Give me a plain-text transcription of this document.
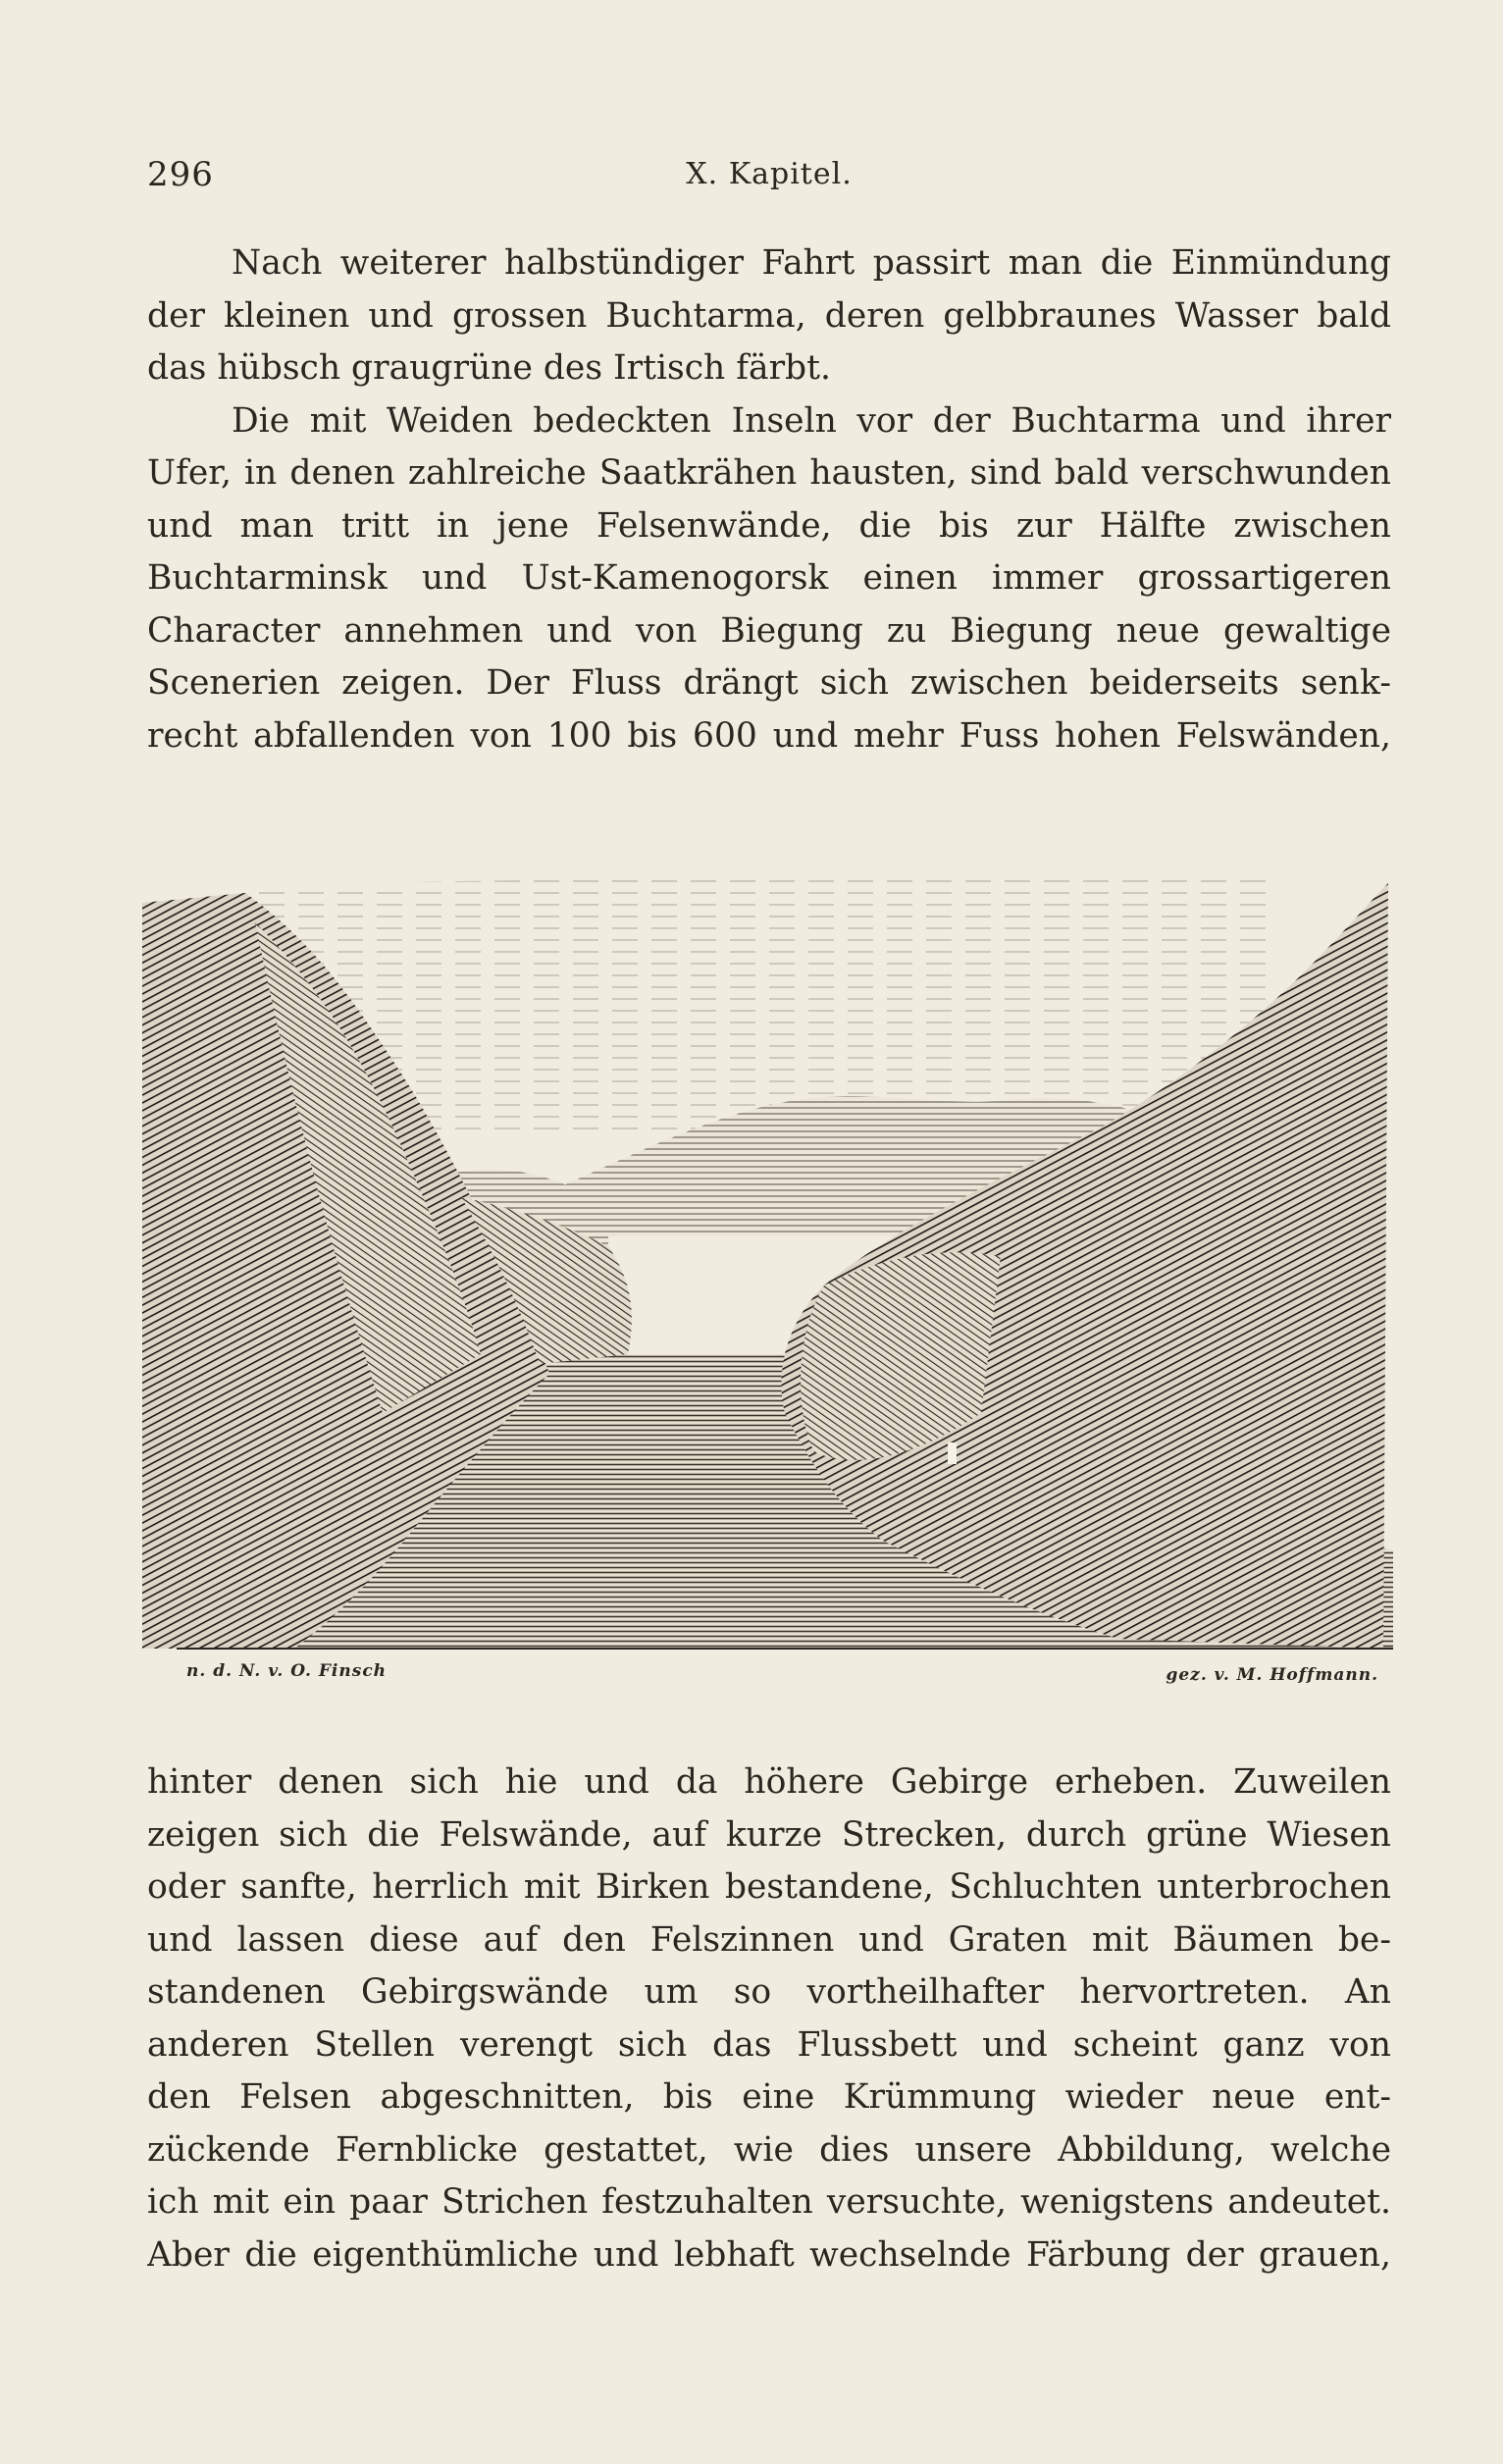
296	X. Kapitel.
Nach weiterer halbstündiger Fahrt passirt man die Einmündung
der kleinen und grossen Buchtarma, deren gelbbraunes Wasser bald
das hübsch graugrüne des Irtisch färbt.
Die mit Weiden bedeckten Inseln vor der Buchtarma und ihrer
Ufer, in denen zahlreiche Saatkrähen hausten, sind bald verschwunden
und man tritt in jene Felsenwände, die bis zur Hälfte zwischen
Buchtarminsk und Ust-Kamenogorsk einen immer grossartigeren
Character annehmen und von Biegung zu Biegung neue gewaltige
Scenerien zeigen. Der Fluss drängt sich zwischen beiderseits senk-
recht abfallenden von 100 bis 600 und mehr Fuss hohen Felswänden,
n. d. N. v. O. Finsch	gez. v. M. Hoffmann.
hinter denen sich hie und da höhere Gebirge erheben. Zuweilen
zeigen sich die Felswände, auf kurze Strecken, durch grüne Wiesen
oder sanfte, herrlich mit Birken bestandene, Schluchten unterbrochen
und lassen diese auf den Felszinnen und Graten mit Bäumen be-
standenen Gebirgswände um so vortheilhafter hervortreten. An
anderen Stellen verengt sich das Flussbett und scheint ganz von
den Felsen abgeschnitten, bis eine Krümmung wieder neue ent-
zückende Fernblicke gestattet, wie dies unsere Abbildung, welche
ich mit ein paar Strichen festzuhalten versuchte, wenigstens andeutet.
Aber die eigenthümliche und lebhaft wechselnde Färbung der grauen,
